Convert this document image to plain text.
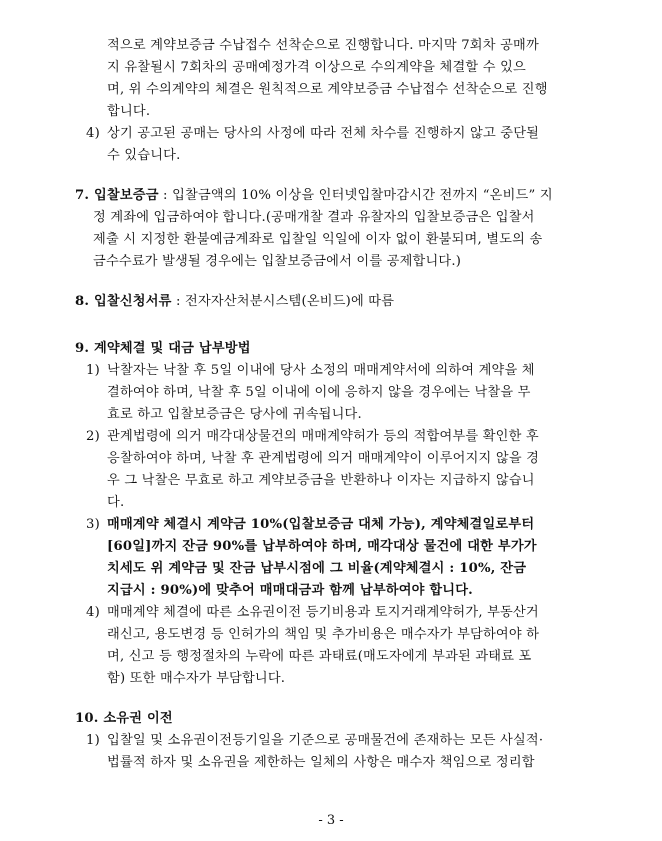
적으로 계약보증금 수납접수 선착순으로 진행합니다. 마지막 7회차 공매까
지 유찰될시 7회차의 공매예정가격 이상으로 수의계약을 체결할 수 있으
며, 위 수의계약의 체결은 원칙적으로 계약보증금 수납접수 선착순으로 진행
합니다.
4) 상기 공고된 공매는 당사의 사정에 따라 전체 차수를 진행하지 않고 중단될
수 있습니다.
7. 입찰보증금 : 입찰금액의 10% 이상을 인터넷입찰마감시간 전까지 “온비드” 지
정 계좌에 입금하여야 합니다.(공매개찰 결과 유찰자의 입찰보증금은 입찰서
제출 시 지정한 환불예금계좌로 입찰일 익일에 이자 없이 환불되며, 별도의 송
금수수료가 발생될 경우에는 입찰보증금에서 이를 공제합니다.)
8. 입찰신청서류 : 전자자산처분시스템(온비드)에 따름
9. 계약체결 및 대금 납부방법
1) 낙찰자는 낙찰 후 5일 이내에 당사 소정의 매매계약서에 의하여 계약을 체
결하여야 하며, 낙찰 후 5일 이내에 이에 응하지 않을 경우에는 낙찰을 무
효로 하고 입찰보증금은 당사에 귀속됩니다.
2) 관계법령에 의거 매각대상물건의 매매계약허가 등의 적합여부를 확인한 후
응찰하여야 하며, 낙찰 후 관계법령에 의거 매매계약이 이루어지지 않을 경
우 그 낙찰은 무효로 하고 계약보증금을 반환하나 이자는 지급하지 않습니
다.
3) 매매계약 체결시 계약금 10%(입찰보증금 대체 가능), 계약체결일로부터
[60일]까지 잔금 90%를 납부하여야 하며, 매각대상 물건에 대한 부가가
치세도 위 계약금 및 잔금 납부시점에 그 비율(계약체결시 : 10%, 잔금
지급시 : 90%)에 맞추어 매매대금과 함께 납부하여야 합니다.
4) 매매계약 체결에 따른 소유권이전 등기비용과 토지거래계약허가, 부동산거
래신고, 용도변경 등 인허가의 책임 및 추가비용은 매수자가 부담하여야 하
며, 신고 등 행정절차의 누락에 따른 과태료(매도자에게 부과된 과태료 포
함) 또한 매수자가 부담합니다.
10. 소유권 이전
1) 입찰일 및 소유권이전등기일을 기준으로 공매물건에 존재하는 모든 사실적·
법률적 하자 및 소유권을 제한하는 일체의 사항은 매수자 책임으로 정리합
- 3 -
